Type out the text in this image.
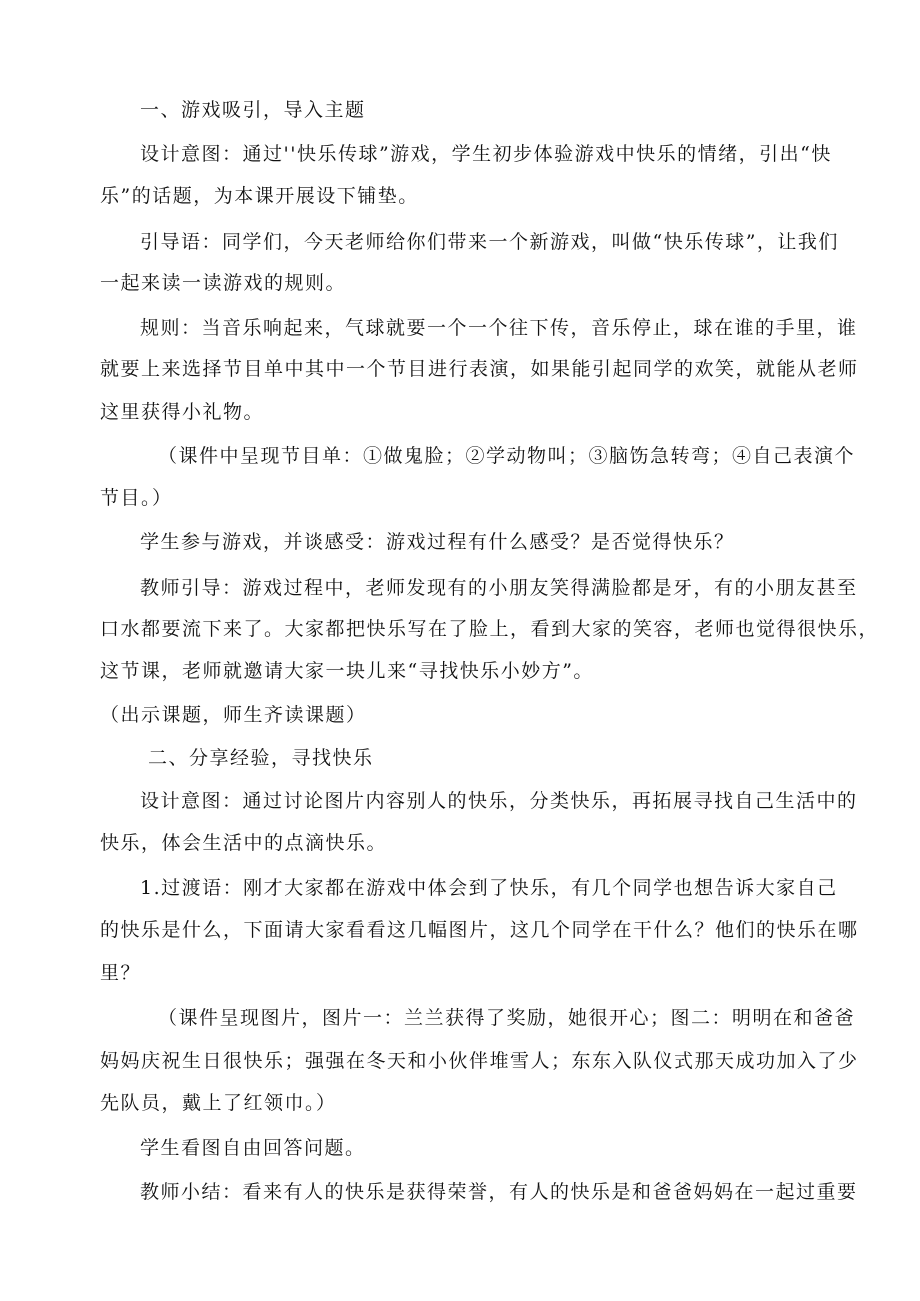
一、游戏吸引，导入主题
设计意图：通过''快乐传球”游戏，学生初步体验游戏中快乐的情绪，引出“快
乐”的话题，为本课开展设下铺垫。
引导语：同学们，今天老师给你们带来一个新游戏，叫做“快乐传球”，让我们
一起来读一读游戏的规则。
规则：当音乐响起来，气球就要一个一个往下传，音乐停止，球在谁的手里，谁
就要上来选择节目单中其中一个节目进行表演，如果能引起同学的欢笑，就能从老师
这里获得小礼物。
（课件中呈现节目单：①做鬼脸；②学动物叫；③脑饬急转弯；④自己表演个
节目。）
学生参与游戏，并谈感受：游戏过程有什么感受？是否觉得快乐？
教师引导：游戏过程中，老师发现有的小朋友笑得满脸都是牙，有的小朋友甚至
口水都要流下来了。大家都把快乐写在了脸上，看到大家的笑容，老师也觉得很快乐，
这节课，老师就邀请大家一块儿来“寻找快乐小妙方”。
（出示课题，师生齐读课题）
二、分享经验，寻找快乐
设计意图：通过讨论图片内容别人的快乐，分类快乐，再拓展寻找自己生活中的
快乐，体会生活中的点滴快乐。
1.过渡语：刚才大家都在游戏中体会到了快乐，有几个同学也想告诉大家自己
的快乐是什么，下面请大家看看这几幅图片，这几个同学在干什么？他们的快乐在哪
里？
（课件呈现图片，图片一：兰兰获得了奖励，她很开心；图二：明明在和爸爸
妈妈庆祝生日很快乐；强强在冬天和小伙伴堆雪人；东东入队仪式那天成功加入了少
先队员，戴上了红领巾。）
学生看图自由回答问题。
教师小结：看来有人的快乐是获得荣誉，有人的快乐是和爸爸妈妈在一起过重要
